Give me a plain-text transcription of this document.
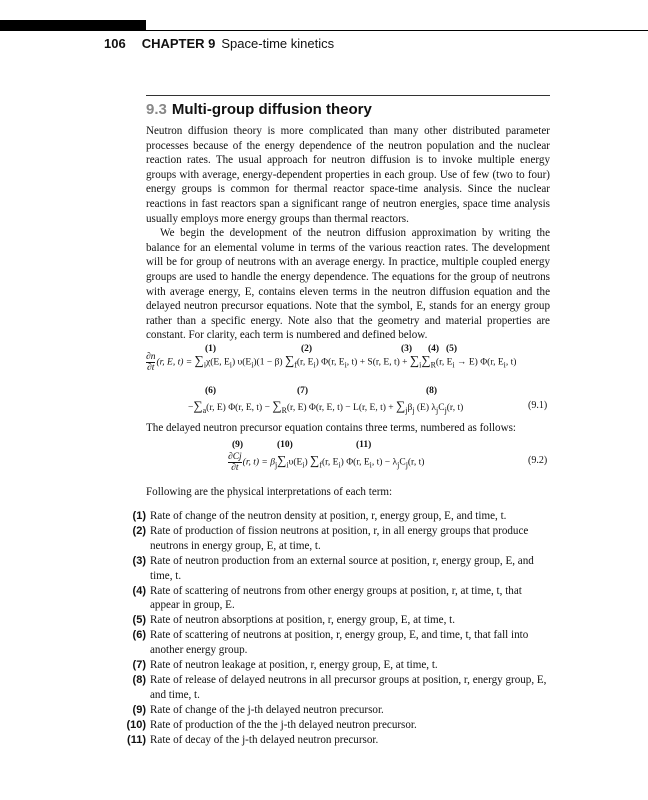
106 CHAPTER 9 Space-time kinetics
9.3 Multi-group diffusion theory

Neutron diffusion theory is more complicated than many other distributed parameter processes because of the energy dependence of the neutron population and the nuclear reaction rates. The usual approach for neutron diffusion is to invoke multiple energy groups with average, energy-dependent properties in each group. Use of few (two to four) energy groups is common for thermal reactor space-time analysis. Since the nuclear reactions in fast reactors span a significant range of neutron energies, space time analysis usually employs more energy groups than thermal reactors.

We begin the development of the neutron diffusion approximation by writing the balance for an elemental volume in terms of the various reaction rates. The development will be for group of neutrons with an average energy. In practice, multiple coupled energy groups are used to handle the energy dependence. The equations for the group of neutrons with average energy, E, contains eleven terms in the neutron diffusion equation and the delayed neutron precursor equations. Note that the symbol, E, stands for an energy group rather than a specific energy. Note also that the geometry and material properties are constant. For clarity, each term is numbered and defined below.

(1)	(2)	(3) (4) (5)
$\frac{\partial n}{\partial t} (r$, E, $t) = \sum_i\chi(E$, $E_i$) $\upsilon(E_i)(1 - \beta)$ $\sum_f(r$, $E_i$) Φ(r, $E_i$, t) + S(r, E, $t) + \sum_i\sum_R(r$, $E_i \to E$) Φ(r, $E_i$, t)
(6)	(7)	(8)
$-\sum_a(r$, E) Φ(r, E, $t) - \sum_R(r$, E) Φ(r, E, t) − L(r, E, $t) + \sum_j\beta_j$ (E) $\lambda_jC_j(r$, t)	(9.1)
The delayed neutron precursor equation contains three terms, numbered as follows:
(9)	(10)	(11)
$\frac{\partial Cj}{\partial t} (r$, $t) = \beta_j\sum_i\upsilon(E_i)$ $\sum_f(r$, $E_i$) Φ(r, $E_i$, $t) - \lambda_jC_j(r$, t)	(9.2)
Following are the physical interpretations of each term:
(1) Rate of change of the neutron density at position, r, energy group, E, and time, t.
(2) Rate of production of fission neutrons at position, r, in all energy groups that produce neutrons in energy group, E, at time, t.
(3) Rate of neutron production from an external source at position, r, energy group, E, and time, t.
(4) Rate of scattering of neutrons from other energy groups at position, r, at time, t, that appear in group, E.
(5) Rate of neutron absorptions at position, r, energy group, E, at time, t.
(6) Rate of scattering of neutrons at position, r, energy group, E, and time, t, that fall into another energy group.
(7) Rate of neutron leakage at position, r, energy group, E, at time, t.
(8) Rate of release of delayed neutrons in all precursor groups at position, r, energy group, E, and time, t.
(9) Rate of change of the j-th delayed neutron precursor.
(10) Rate of production of the the j-th delayed neutron precursor.
(11) Rate of decay of the j-th delayed neutron precursor.
